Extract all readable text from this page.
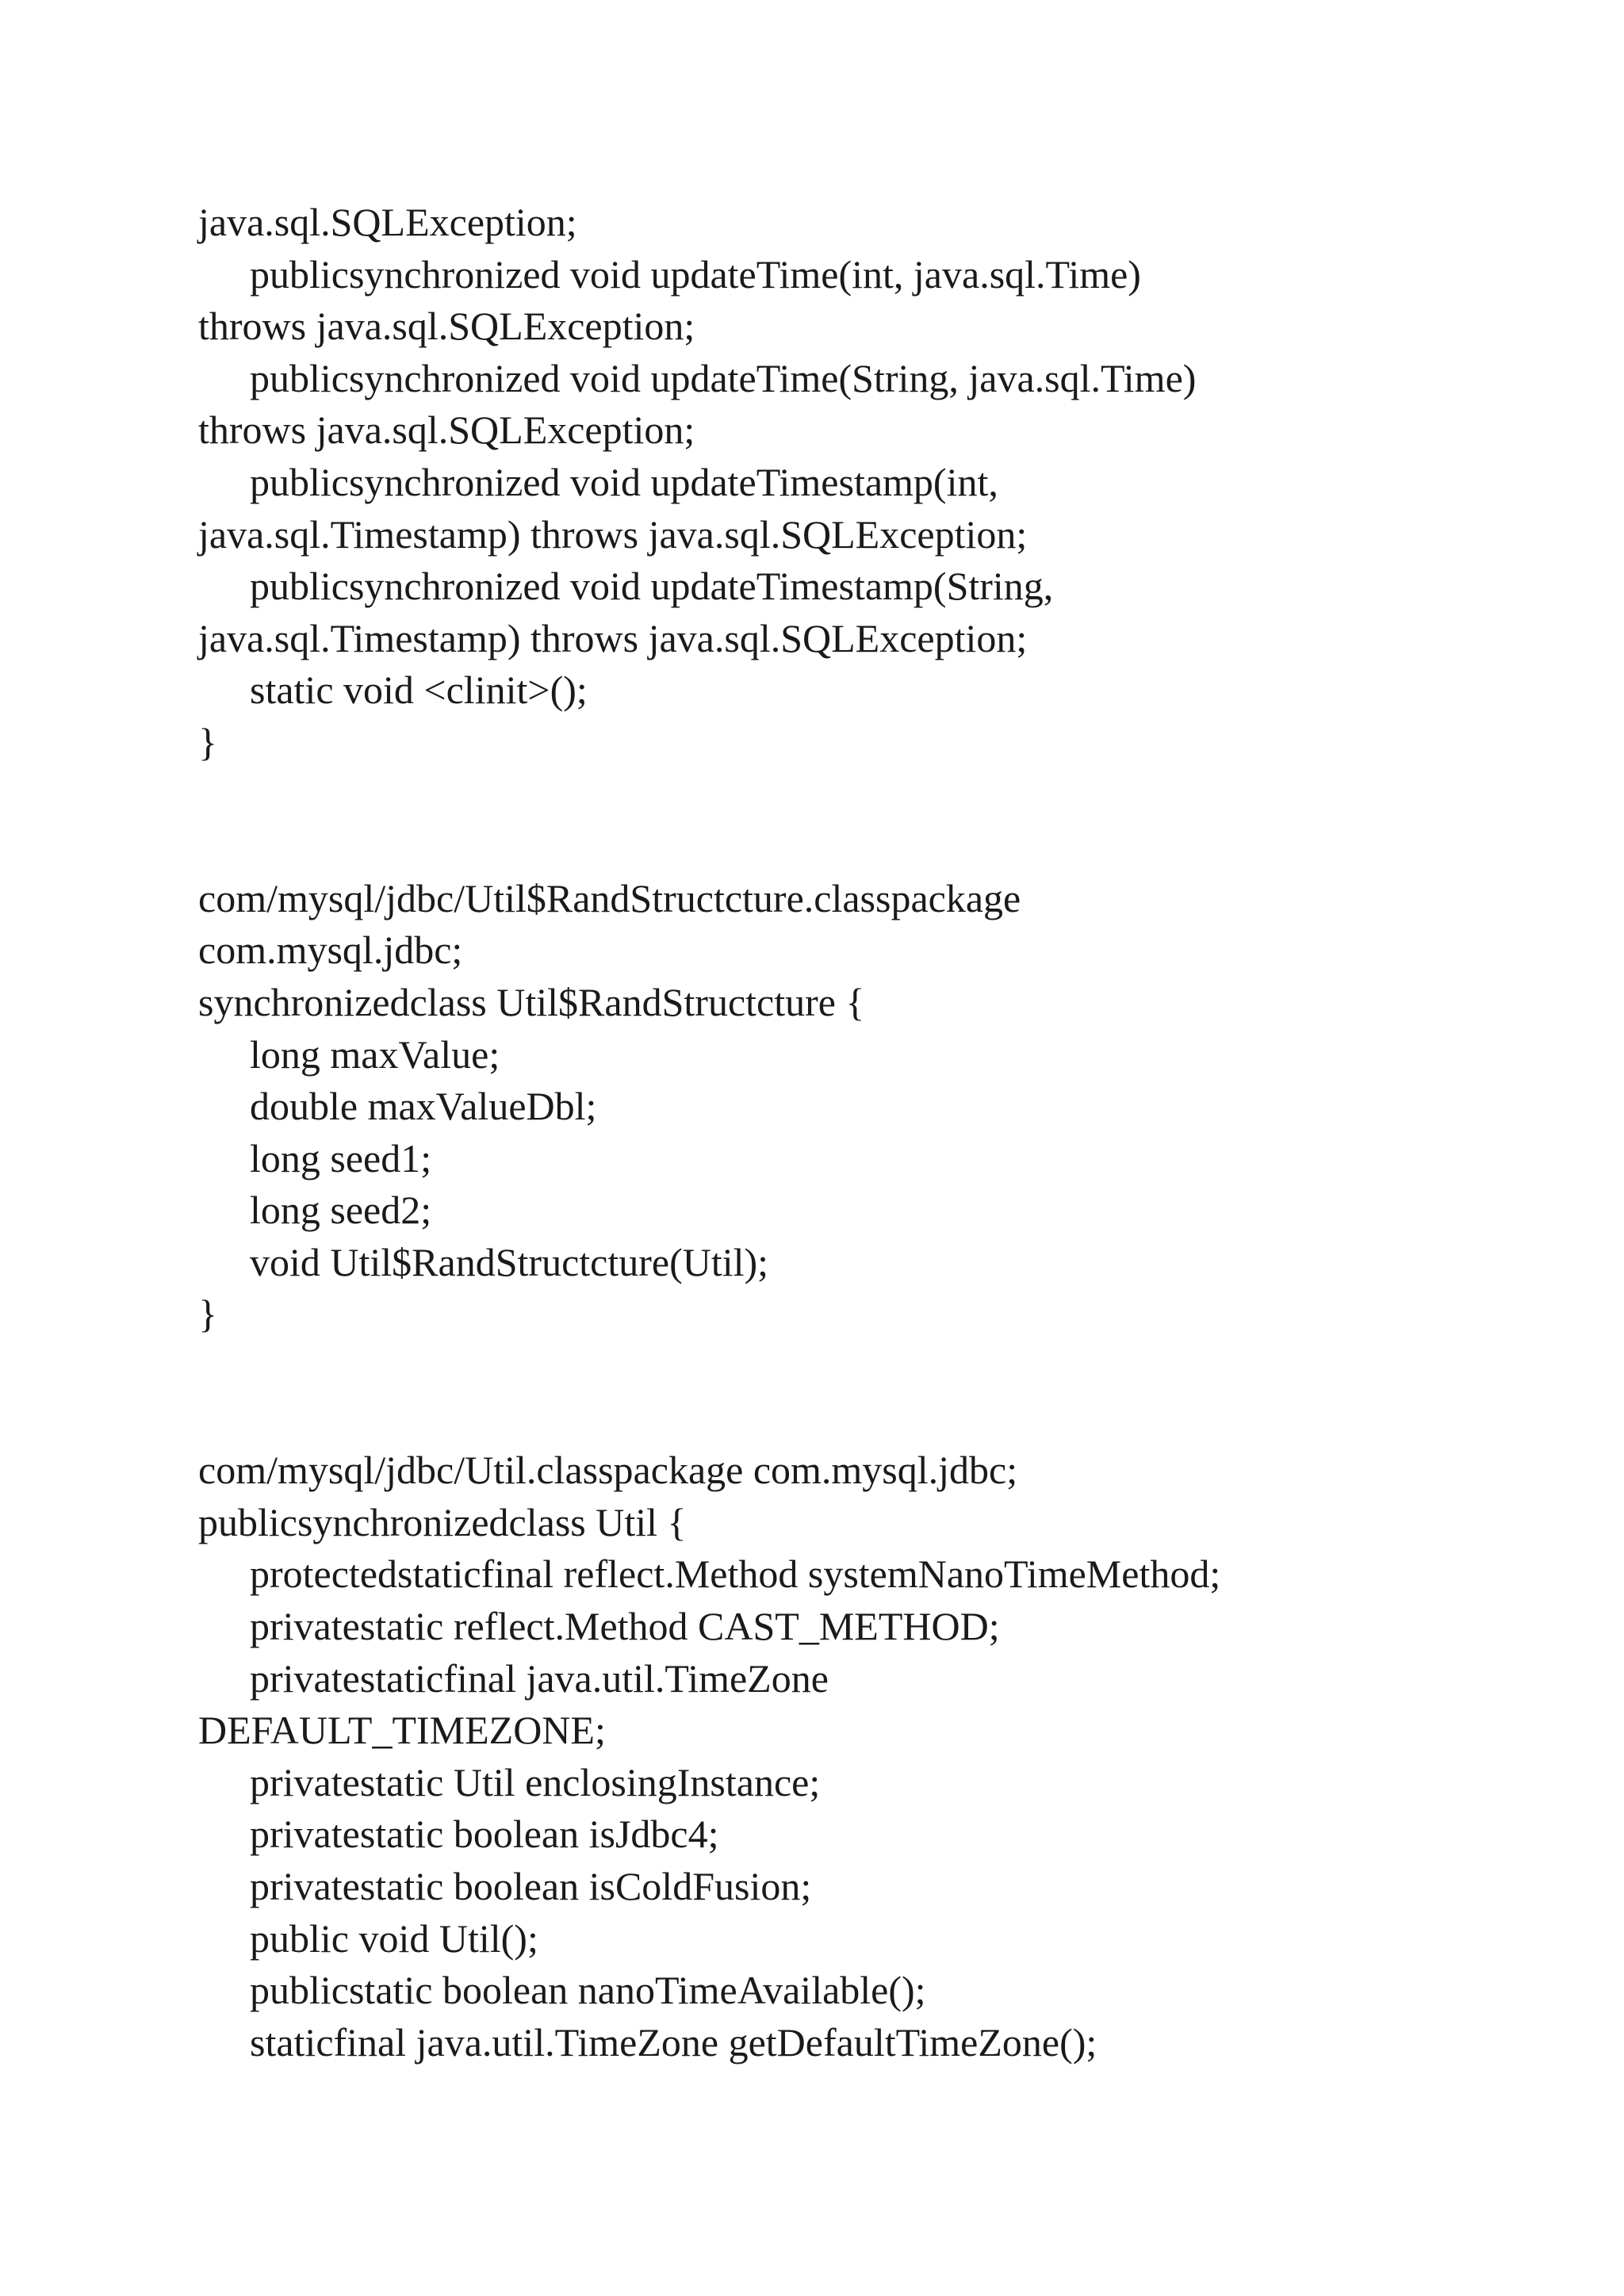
java.sql.SQLException;
publicsynchronized void updateTime(int, java.sql.Time)
throws java.sql.SQLException;
publicsynchronized void updateTime(String, java.sql.Time)
throws java.sql.SQLException;
publicsynchronized void updateTimestamp(int,
java.sql.Timestamp) throws java.sql.SQLException;
publicsynchronized void updateTimestamp(String,
java.sql.Timestamp) throws java.sql.SQLException;
static void <clinit>();
}
com/mysql/jdbc/Util$RandStructcture.classpackage
com.mysql.jdbc;
synchronizedclass Util$RandStructcture {
long maxValue;
double maxValueDbl;
long seed1;
long seed2;
void Util$RandStructcture(Util);
}
com/mysql/jdbc/Util.classpackage com.mysql.jdbc;
publicsynchronizedclass Util {
protectedstaticfinal reflect.Method systemNanoTimeMethod;
privatestatic reflect.Method CAST_METHOD;
privatestaticfinal java.util.TimeZone
DEFAULT_TIMEZONE;
privatestatic Util enclosingInstance;
privatestatic boolean isJdbc4;
privatestatic boolean isColdFusion;
public void Util();
publicstatic boolean nanoTimeAvailable();
staticfinal java.util.TimeZone getDefaultTimeZone();
